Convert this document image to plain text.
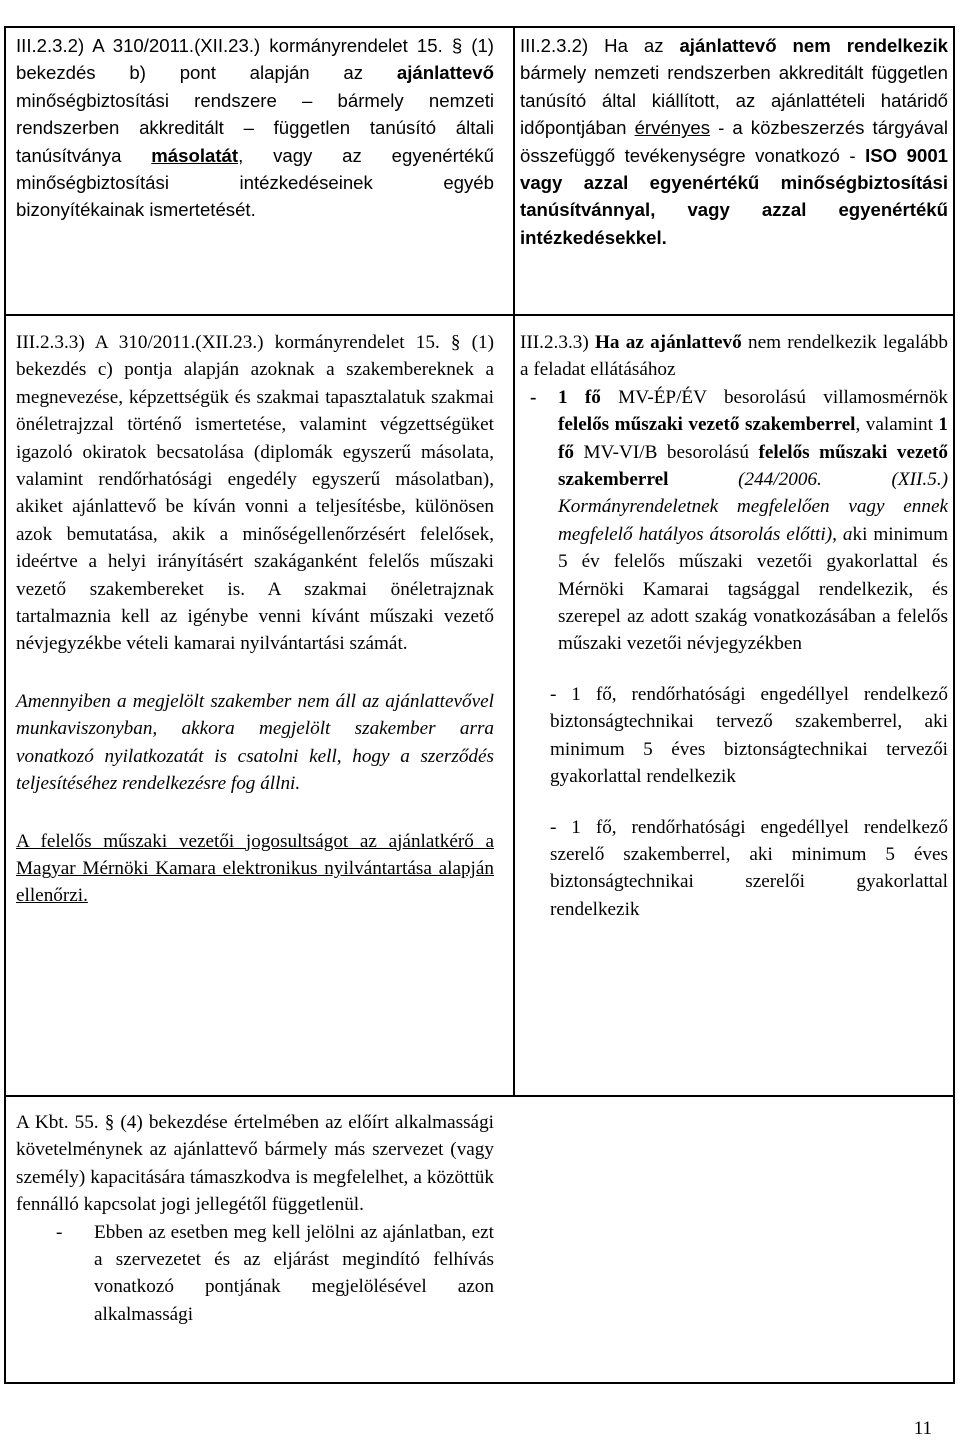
III.2.3.2) A 310/2011.(XII.23.) kormányrendelet 15. § (1) bekezdés b) pont alapján az ajánlattevő minőségbiztosítási rendszere – bármely nemzeti rendszerben akkreditált – független tanúsító általi tanúsítványa másolatát, vagy az egyenértékű minőségbiztosítási intézkedéseinek egyéb bizonyítékainak ismertetését.

III.2.3.2) Ha az ajánlattevő nem rendelkezik bármely nemzeti rendszerben akkreditált független tanúsító által kiállított, az ajánlattételi határidő időpontjában érvényes - a közbeszerzés tárgyával összefüggő tevékenységre vonatkozó - ISO 9001 vagy azzal egyenértékű minőségbiztosítási tanúsítvánnyal, vagy azzal egyenértékű intézkedésekkel.

III.2.3.3) A 310/2011.(XII.23.) kormányrendelet 15. § (1) bekezdés c) pontja alapján azoknak a szakembereknek a megnevezése, képzettségük és szakmai tapasztalatuk szakmai önéletrajzzal történő ismertetése, valamint végzettségüket igazoló okiratok becsatolása (diplomák egyszerű másolata, valamint rendőrhatósági engedély egyszerű másolatban), akiket ajánlattevő be kíván vonni a teljesítésbe, különösen azok bemutatása, akik a minőségellenőrzésért felelősek, ideértve a helyi irányításért szakáganként felelős műszaki vezető szakembereket is. A szakmai önéletrajznak tartalmaznia kell az igénybe venni kívánt műszaki vezető névjegyzékbe vételi kamarai nyilvántartási számát.

Amennyiben a megjelölt szakember nem áll az ajánlattevővel munkaviszonyban, akkora megjelölt szakember arra vonatkozó nyilatkozatát is csatolni kell, hogy a szerződés teljesítéséhez rendelkezésre fog állni.

A felelős műszaki vezetői jogosultságot az ajánlatkérő a Magyar Mérnöki Kamara elektronikus nyilvántartása alapján ellenőrzi.

III.2.3.3) Ha az ajánlattevő nem rendelkezik legalább a feladat ellátásához

-	1 fő MV-ÉP/ÉV besorolású villamosmérnök felelős műszaki vezető szakemberrel, valamint 1 fő MV-VI/B besorolású felelős műszaki vezető szakemberrel (244/2006. (XII.5.) Kormányrendeletnek megfelelően vagy ennek megfelelő hatályos átsorolás előtti), aki minimum 5 év felelős műszaki vezetői gyakorlattal és Mérnöki Kamarai tagsággal rendelkezik, és szerepel az adott szakág vonatkozásában a felelős műszaki vezetői névjegyzékben

- 1 fő, rendőrhatósági engedéllyel rendelkező biztonságtechnikai tervező szakemberrel, aki minimum 5 éves biztonságtechnikai tervezői gyakorlattal rendelkezik

- 1 fő, rendőrhatósági engedéllyel rendelkező szerelő szakemberrel, aki minimum 5 éves biztonságtechnikai szerelői gyakorlattal rendelkezik

A Kbt. 55. § (4) bekezdése értelmében az előírt alkalmassági követelménynek az ajánlattevő bármely más szervezet (vagy személy) kapacitására támaszkodva is megfelelhet, a közöttük fennálló kapcsolat jogi jellegétől függetlenül.

-	Ebben az esetben meg kell jelölni az ajánlatban, ezt a szervezetet és az eljárást megindító felhívás vonatkozó pontjának megjelölésével azon alkalmassági
11
